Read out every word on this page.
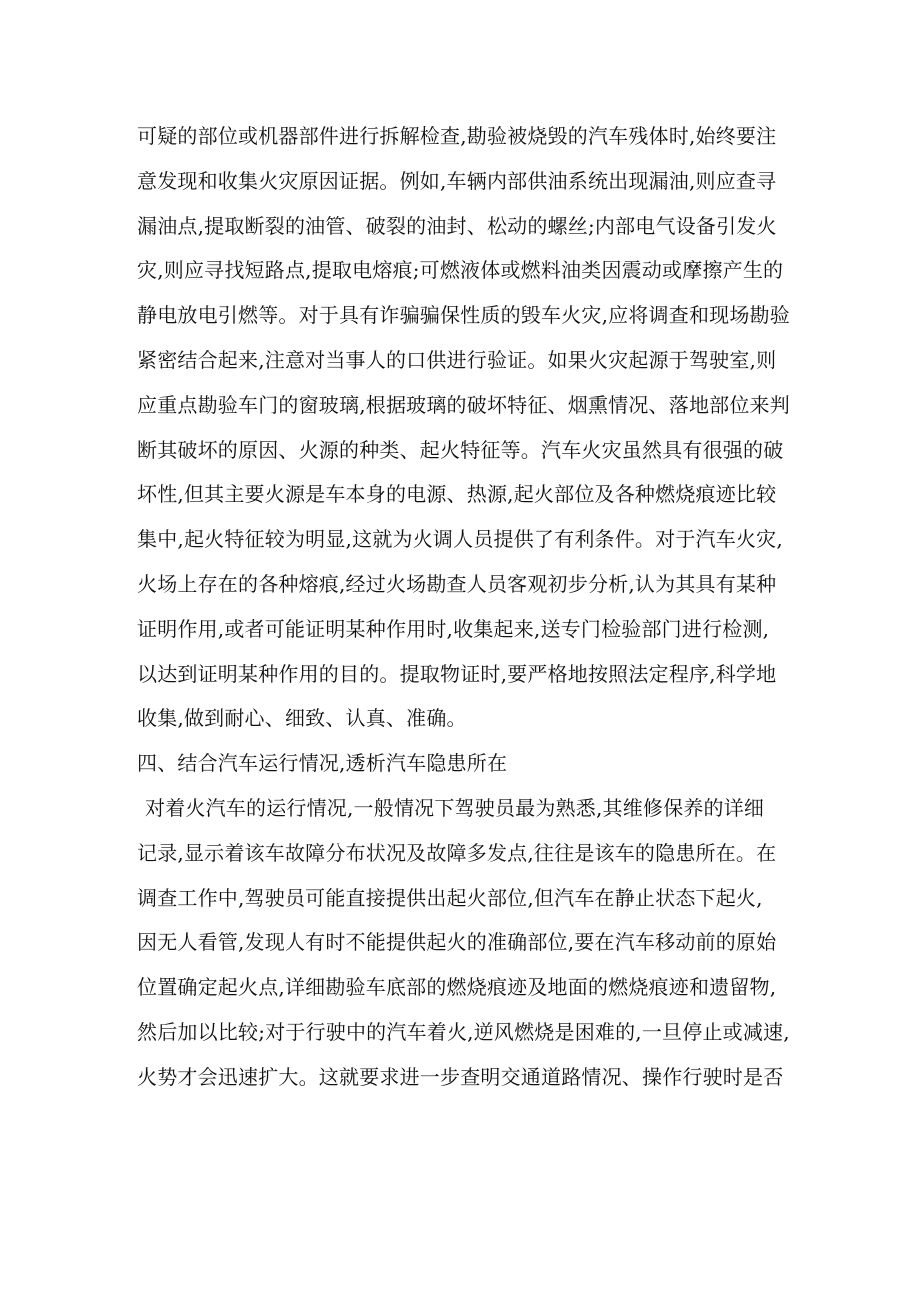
可疑的部位或机器部件进行拆解检查,勘验被烧毁的汽车残体时,始终要注
意发现和收集火灾原因证据。例如,车辆内部供油系统出现漏油,则应查寻
漏油点,提取断裂的油管、破裂的油封、松动的螺丝;内部电气设备引发火
灾,则应寻找短路点,提取电熔痕;可燃液体或燃料油类因震动或摩擦产生的
静电放电引燃等。对于具有诈骗骗保性质的毁车火灾,应将调查和现场勘验
紧密结合起来,注意对当事人的口供进行验证。如果火灾起源于驾驶室,则
应重点勘验车门的窗玻璃,根据玻璃的破坏特征、烟熏情况、落地部位来判
断其破坏的原因、火源的种类、起火特征等。汽车火灾虽然具有很强的破
坏性,但其主要火源是车本身的电源、热源,起火部位及各种燃烧痕迹比较
集中,起火特征较为明显,这就为火调人员提供了有利条件。对于汽车火灾,
火场上存在的各种熔痕,经过火场勘查人员客观初步分析,认为其具有某种
证明作用,或者可能证明某种作用时,收集起来,送专门检验部门进行检测,
以达到证明某种作用的目的。提取物证时,要严格地按照法定程序,科学地
收集,做到耐心、细致、认真、准确。
四、结合汽车运行情况,透析汽车隐患所在
对着火汽车的运行情况,一般情况下驾驶员最为熟悉,其维修保养的详细
记录,显示着该车故障分布状况及故障多发点,往往是该车的隐患所在。在
调查工作中,驾驶员可能直接提供出起火部位,但汽车在静止状态下起火,
因无人看管,发现人有时不能提供起火的准确部位,要在汽车移动前的原始
位置确定起火点,详细勘验车底部的燃烧痕迹及地面的燃烧痕迹和遗留物,
然后加以比较;对于行驶中的汽车着火,逆风燃烧是困难的,一旦停止或减速,
火势才会迅速扩大。这就要求进一步查明交通道路情况、操作行驶时是否
